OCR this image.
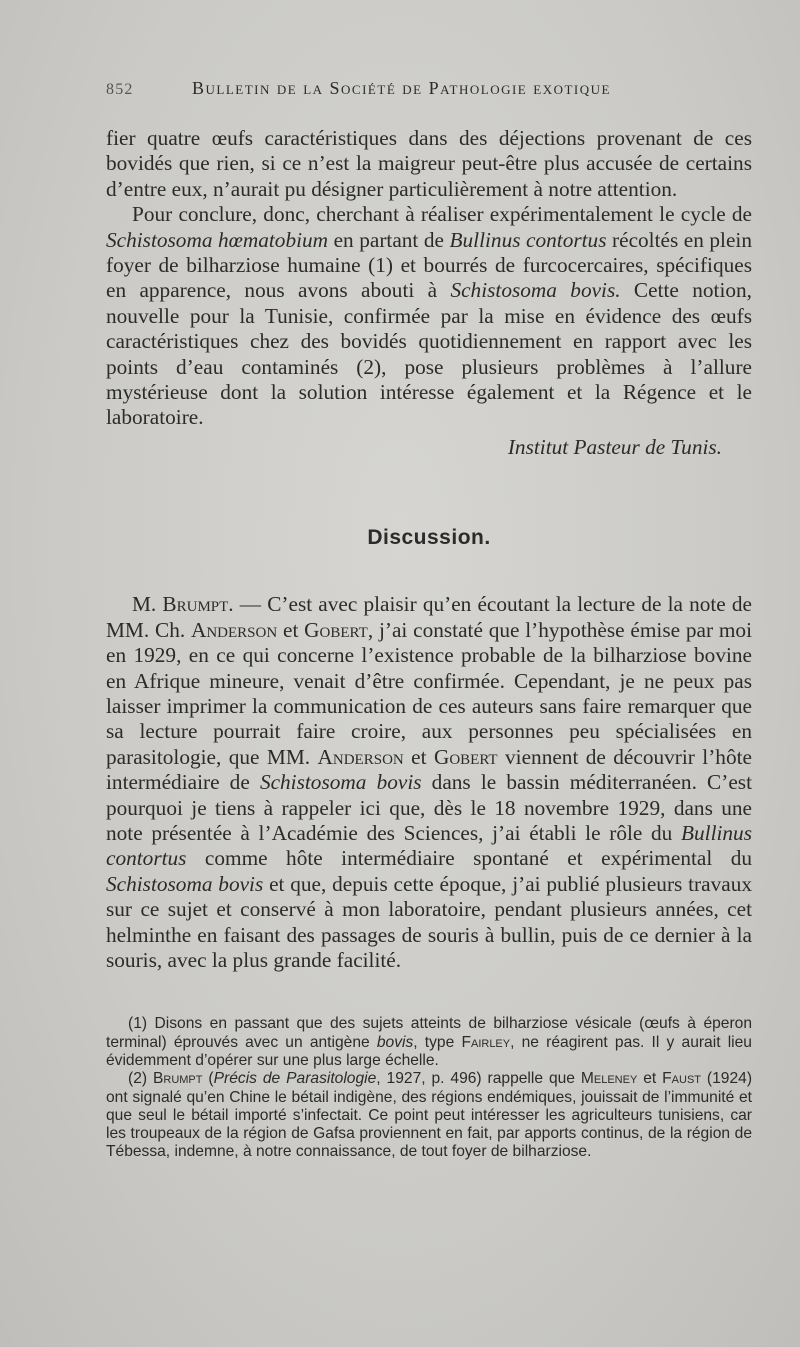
852	Bulletin de la Société de Pathologie exotique

fier quatre œufs caractéristiques dans des déjections provenant de ces bovidés que rien, si ce n’est la maigreur peut-être plus accusée de certains d’entre eux, n’aurait pu désigner particulièrement à notre attention.

Pour conclure, donc, cherchant à réaliser expérimentalement le cycle de Schistosoma hœmatobium en partant de Bullinus contortus récoltés en plein foyer de bilharziose humaine (1) et bourrés de furcocercaires, spécifiques en apparence, nous avons abouti à Schistosoma bovis. Cette notion, nouvelle pour la Tunisie, confirmée par la mise en évidence des œufs caractéristiques chez des bovidés quotidiennement en rapport avec les points d’eau contaminés (2), pose plusieurs problèmes à l’allure mystérieuse dont la solution intéresse également et la Régence et le laboratoire.

Institut Pasteur de Tunis.

Discussion.

M. Brumpt. — C’est avec plaisir qu’en écoutant la lecture de la note de MM. Ch. Anderson et Gobert, j’ai constaté que l’hypothèse émise par moi en 1929, en ce qui concerne l’existence probable de la bilharziose bovine en Afrique mineure, venait d’être confirmée. Cependant, je ne peux pas laisser imprimer la communication de ces auteurs sans faire remarquer que sa lecture pourrait faire croire, aux personnes peu spécialisées en parasitologie, que MM. Anderson et Gobert viennent de découvrir l’hôte intermédiaire de Schistosoma bovis dans le bassin méditerranéen. C’est pourquoi je tiens à rappeler ici que, dès le 18 novembre 1929, dans une note présentée à l’Académie des Sciences, j’ai établi le rôle du Bullinus contortus comme hôte intermédiaire spontané et expérimental du Schistosoma bovis et que, depuis cette époque, j’ai publié plusieurs travaux sur ce sujet et conservé à mon laboratoire, pendant plusieurs années, cet helminthe en faisant des passages de souris à bullin, puis de ce dernier à la souris, avec la plus grande facilité.

(1) Disons en passant que des sujets atteints de bilharziose vésicale (œufs à éperon terminal) éprouvés avec un antigène bovis, type Fairley, ne réagirent pas. Il y aurait lieu évidemment d’opérer sur une plus large échelle.

(2) Brumpt (Précis de Parasitologie, 1927, p. 496) rappelle que Meleney et Faust (1924) ont signalé qu’en Chine le bétail indigène, des régions endémiques, jouissait de l’immunité et que seul le bétail importé s’infectait. Ce point peut intéresser les agriculteurs tunisiens, car les troupeaux de la région de Gafsa proviennent en fait, par apports continus, de la région de Tébessa, indemne, à notre connaissance, de tout foyer de bilharziose.
